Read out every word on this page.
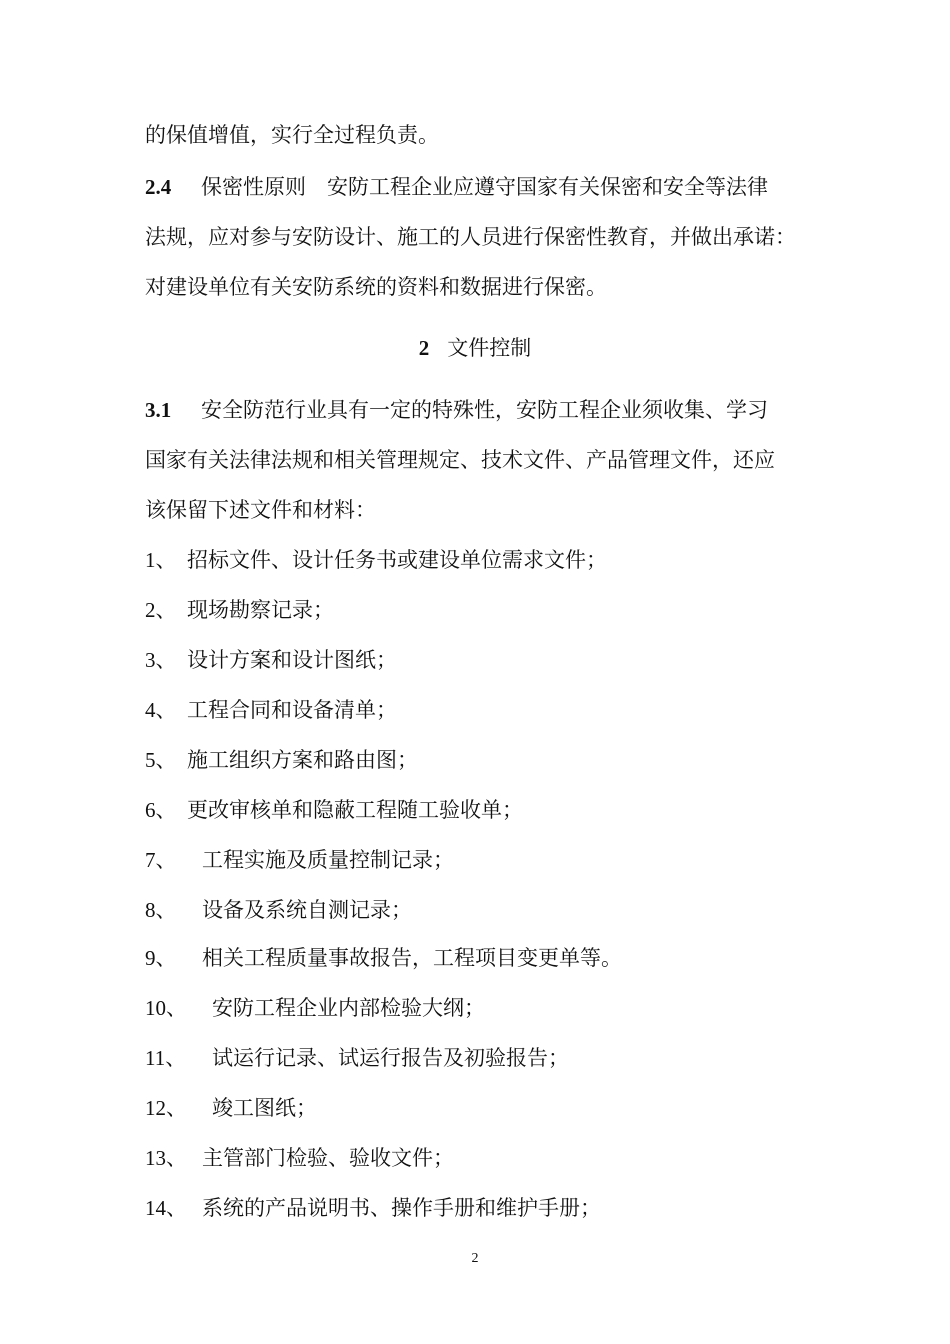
的保值增值，实行全过程负责。
2.4 保密性原则　安防工程企业应遵守国家有关保密和安全等法律
法规，应对参与安防设计、施工的人员进行保密性教育，并做出承诺：
对建设单位有关安防系统的资料和数据进行保密。
2 文件控制
3.1 安全防范行业具有一定的特殊性，安防工程企业须收集、学习
国家有关法律法规和相关管理规定、技术文件、产品管理文件，还应
该保留下述文件和材料：
1、 招标文件、设计任务书或建设单位需求文件；
2、 现场勘察记录；
3、 设计方案和设计图纸；
4、 工程合同和设备清单；
5、 施工组织方案和路由图；
6、 更改审核单和隐蔽工程随工验收单；
7、 工程实施及质量控制记录；
8、 设备及系统自测记录；
9、 相关工程质量事故报告，工程项目变更单等。
10、 安防工程企业内部检验大纲；
11、 试运行记录、试运行报告及初验报告；
12、 竣工图纸；
13、 主管部门检验、验收文件；
14、 系统的产品说明书、操作手册和维护手册；
2
